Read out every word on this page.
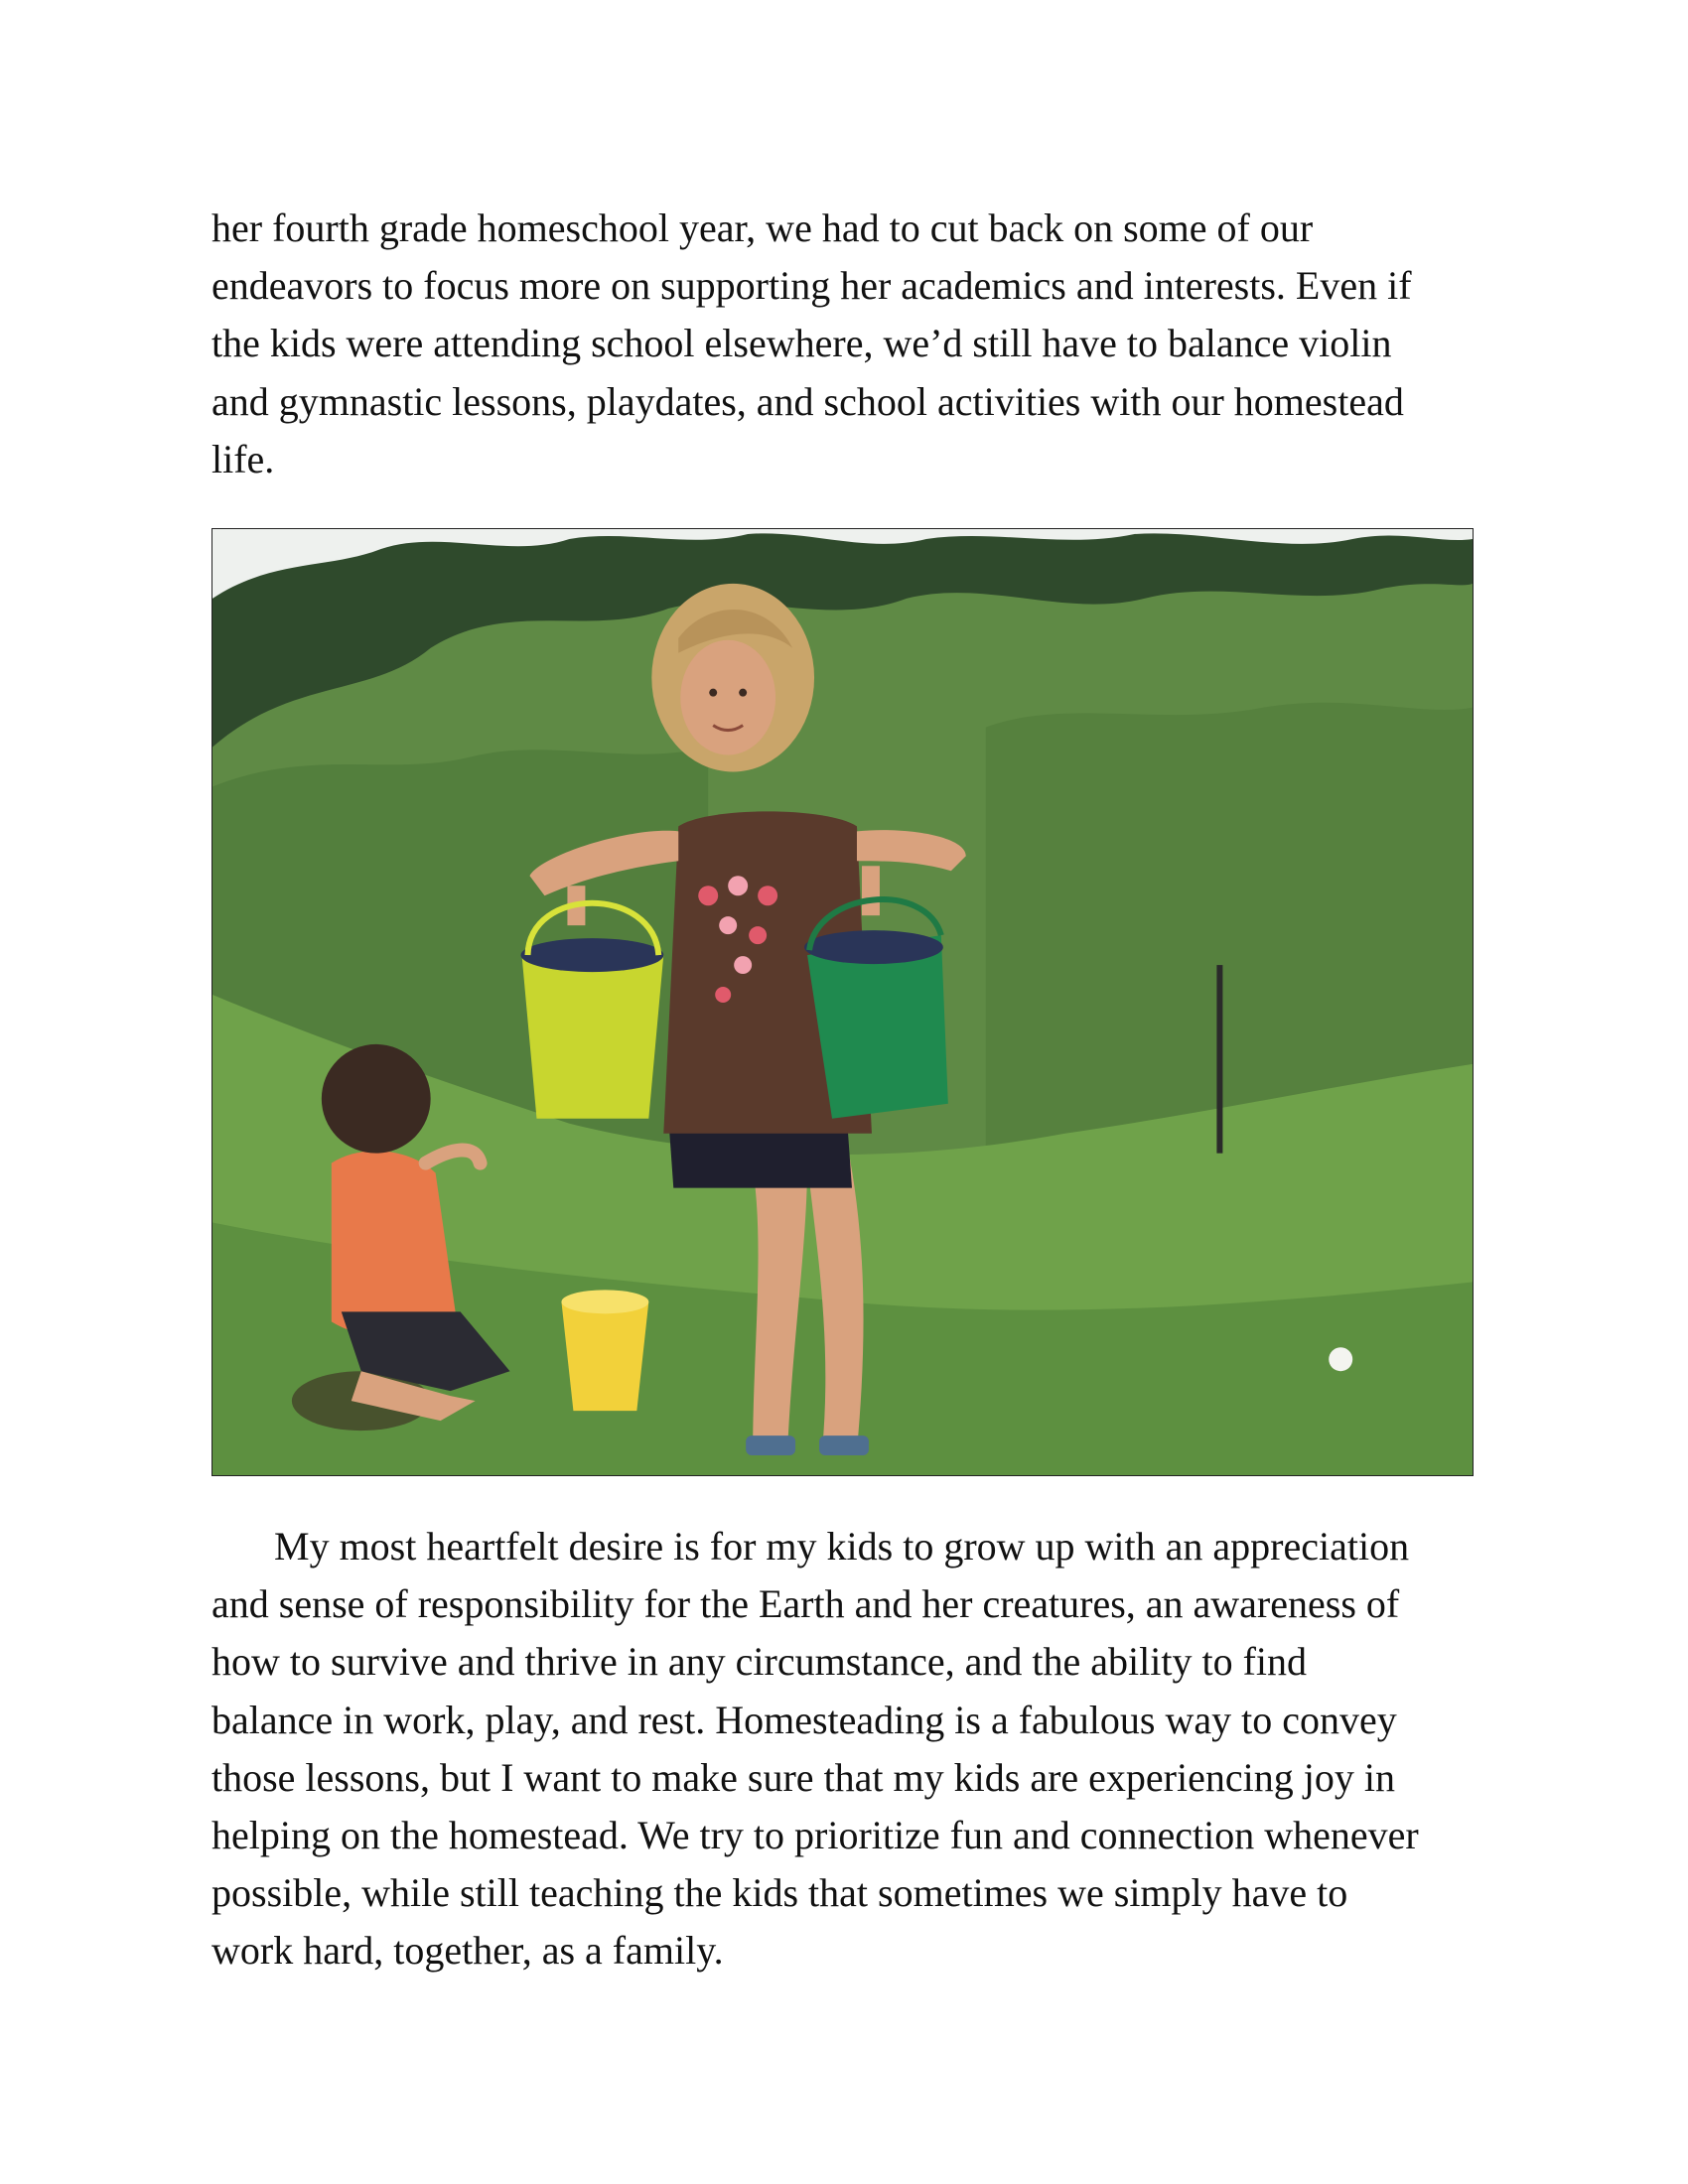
her fourth grade homeschool year, we had to cut back on some of our
endeavors to focus more on supporting her academics and interests. Even if
the kids were attending school elsewhere, we’d still have to balance violin
and gymnastic lessons, playdates, and school activities with our homestead
life.

My most heartfelt desire is for my kids to grow up with an appreciation
and sense of responsibility for the Earth and her creatures, an awareness of
how to survive and thrive in any circumstance, and the ability to find
balance in work, play, and rest. Homesteading is a fabulous way to convey
those lessons, but I want to make sure that my kids are experiencing joy in
helping on the homestead. We try to prioritize fun and connection whenever
possible, while still teaching the kids that sometimes we simply have to
work hard, together, as a family.
